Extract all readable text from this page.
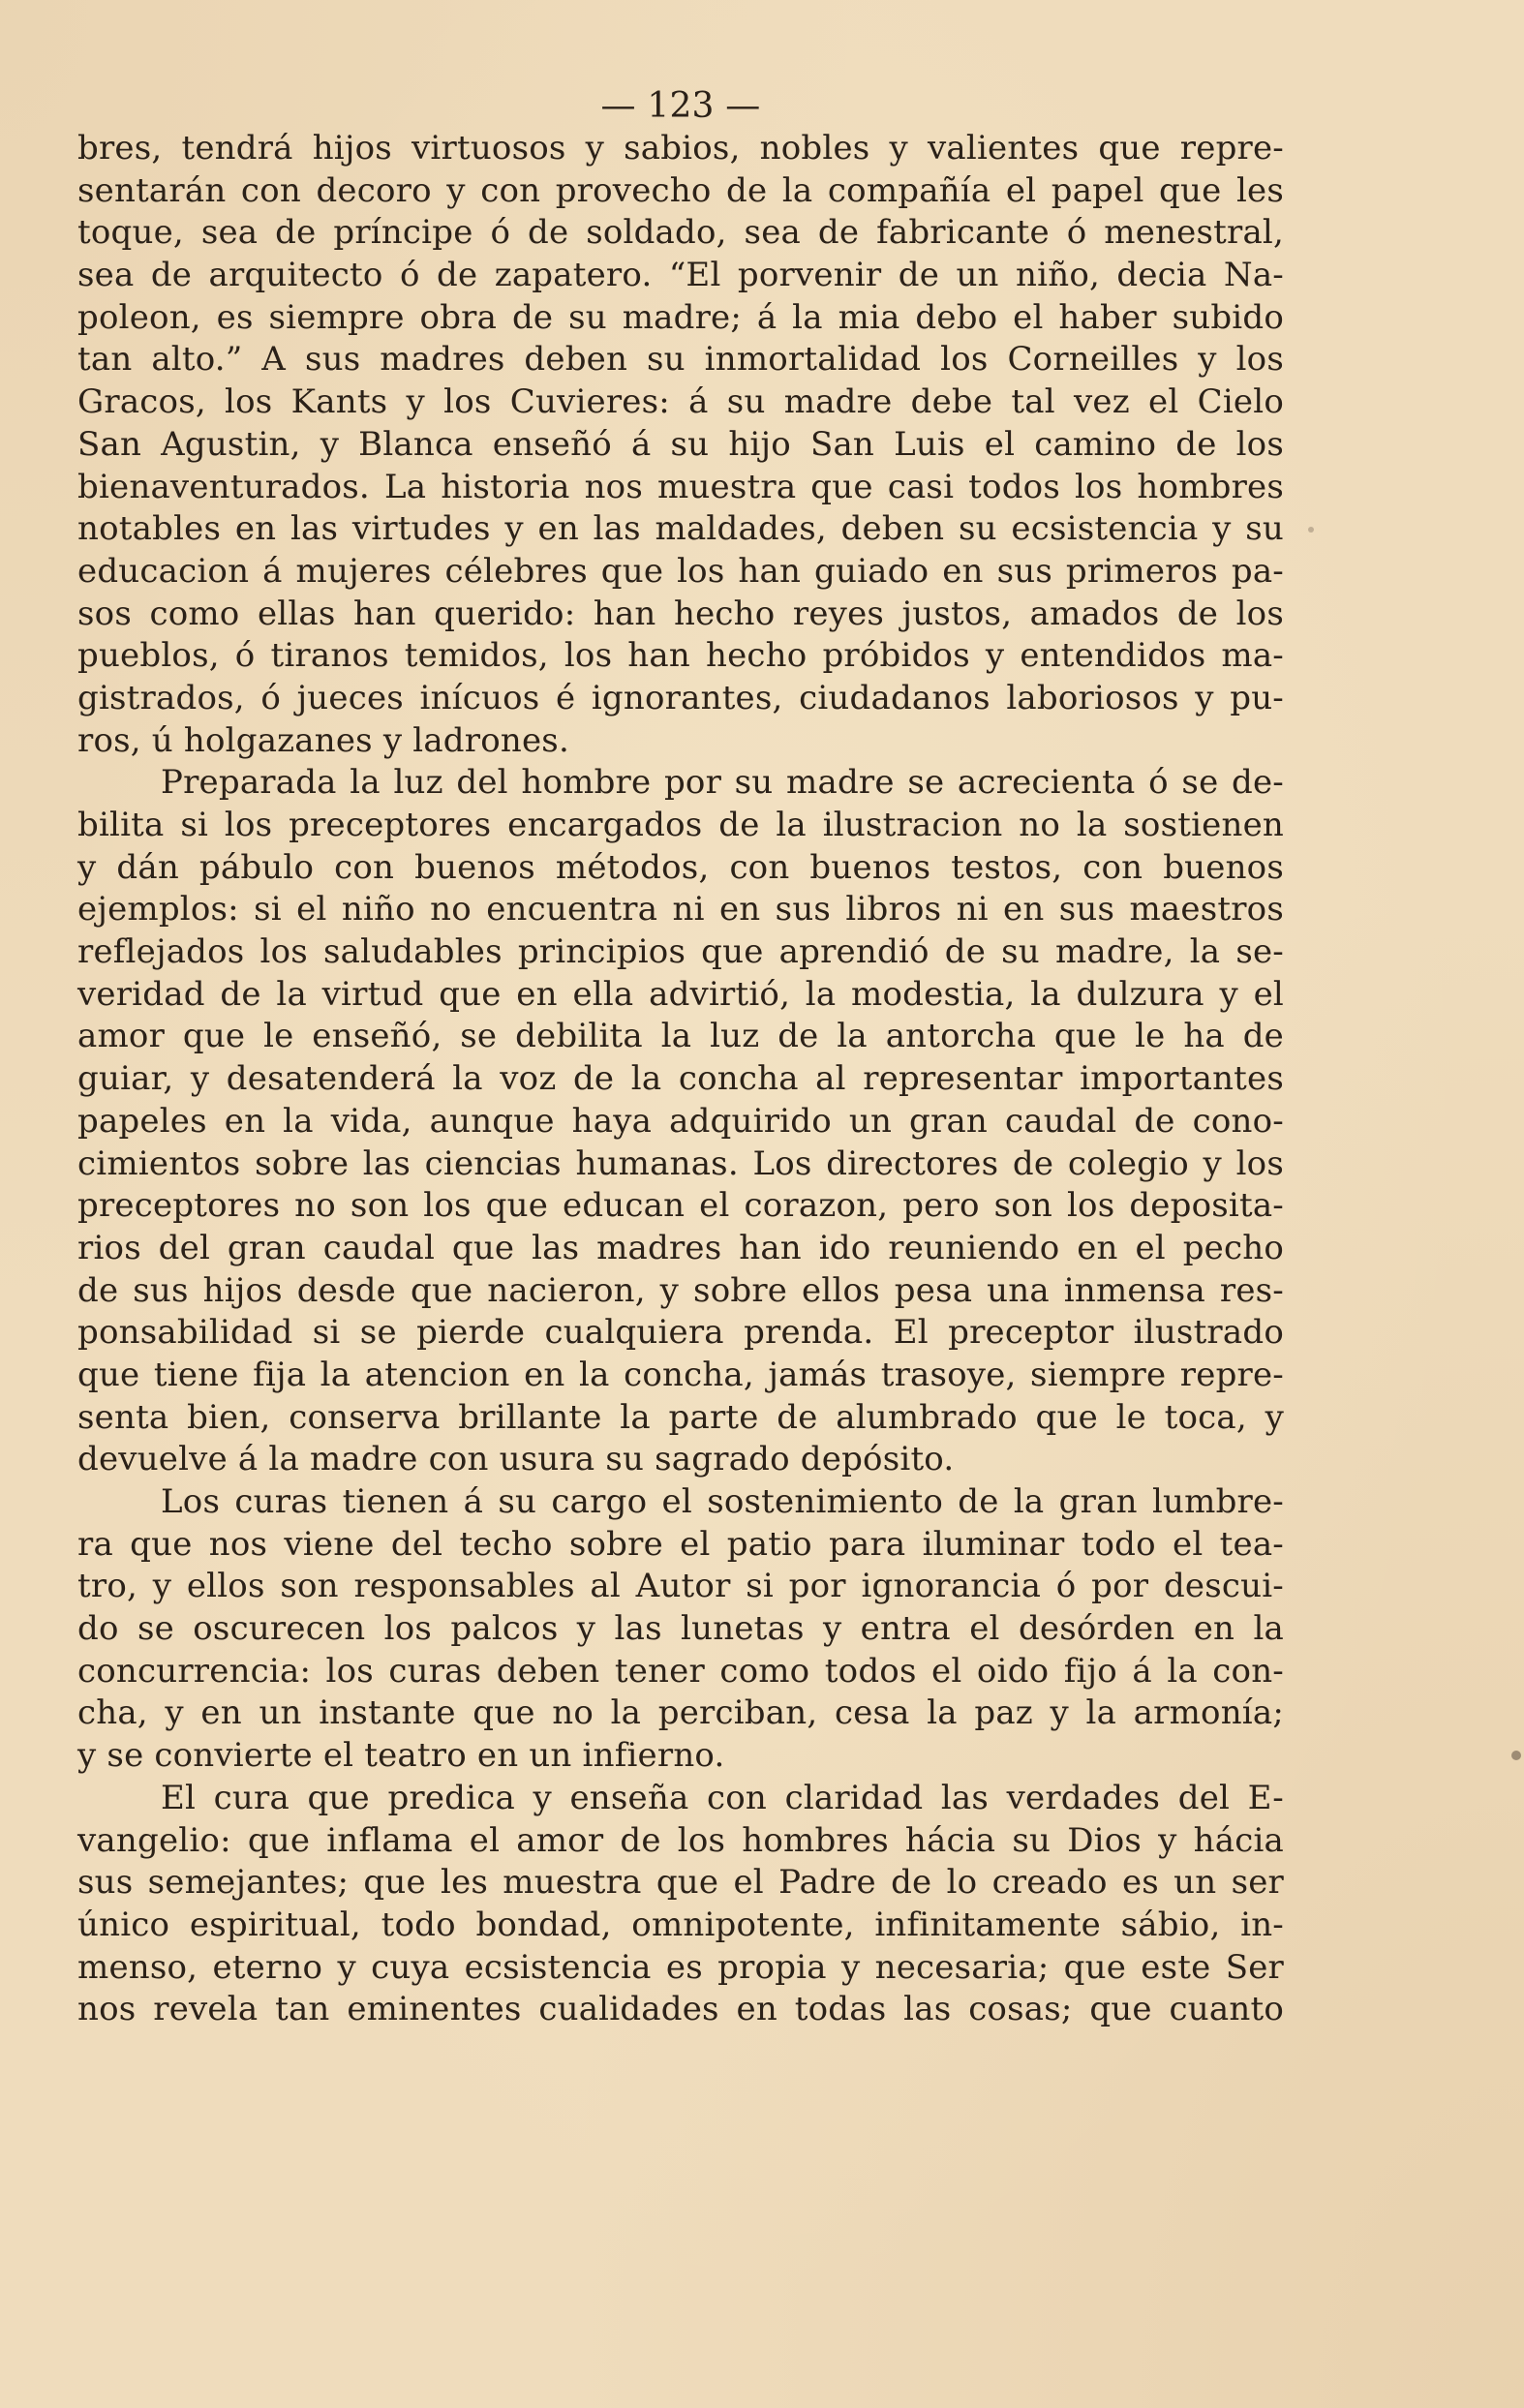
— 123 —
bres, tendrá hijos virtuosos y sabios, nobles y valientes que repre-
sentarán con decoro y con provecho de la compañía el papel que les
toque, sea de príncipe ó de soldado, sea de fabricante ó menestral,
sea de arquitecto ó de zapatero. “El porvenir de un niño, decia Na-
poleon, es siempre obra de su madre; á la mia debo el haber subido
tan alto.” A sus madres deben su inmortalidad los Corneilles y los
Gracos, los Kants y los Cuvieres: á su madre debe tal vez el Cielo
San Agustin, y Blanca enseñó á su hijo San Luis el camino de los
bienaventurados. La historia nos muestra que casi todos los hombres
notables en las virtudes y en las maldades, deben su ecsistencia y su
educacion á mujeres célebres que los han guiado en sus primeros pa-
sos como ellas han querido: han hecho reyes justos, amados de los
pueblos, ó tiranos temidos, los han hecho próbidos y entendidos ma-
gistrados, ó jueces inícuos é ignorantes, ciudadanos laboriosos y pu-
ros, ú holgazanes y ladrones.
Preparada la luz del hombre por su madre se acrecienta ó se de-
bilita si los preceptores encargados de la ilustracion no la sostienen
y dán pábulo con buenos métodos, con buenos testos, con buenos
ejemplos: si el niño no encuentra ni en sus libros ni en sus maestros
reflejados los saludables principios que aprendió de su madre, la se-
veridad de la virtud que en ella advirtió, la modestia, la dulzura y el
amor que le enseñó, se debilita la luz de la antorcha que le ha de
guiar, y desatenderá la voz de la concha al representar importantes
papeles en la vida, aunque haya adquirido un gran caudal de cono-
cimientos sobre las ciencias humanas. Los directores de colegio y los
preceptores no son los que educan el corazon, pero son los deposita-
rios del gran caudal que las madres han ido reuniendo en el pecho
de sus hijos desde que nacieron, y sobre ellos pesa una inmensa res-
ponsabilidad si se pierde cualquiera prenda. El preceptor ilustrado
que tiene fija la atencion en la concha, jamás trasoye, siempre repre-
senta bien, conserva brillante la parte de alumbrado que le toca, y
devuelve á la madre con usura su sagrado depósito.
Los curas tienen á su cargo el sostenimiento de la gran lumbre-
ra que nos viene del techo sobre el patio para iluminar todo el tea-
tro, y ellos son responsables al Autor si por ignorancia ó por descui-
do se oscurecen los palcos y las lunetas y entra el desórden en la
concurrencia: los curas deben tener como todos el oido fijo á la con-
cha, y en un instante que no la perciban, cesa la paz y la armonía;
y se convierte el teatro en un infierno.
El cura que predica y enseña con claridad las verdades del E-
vangelio: que inflama el amor de los hombres hácia su Dios y hácia
sus semejantes; que les muestra que el Padre de lo creado es un ser
único espiritual, todo bondad, omnipotente, infinitamente sábio, in-
menso, eterno y cuya ecsistencia es propia y necesaria; que este Ser
nos revela tan eminentes cualidades en todas las cosas; que cuanto
